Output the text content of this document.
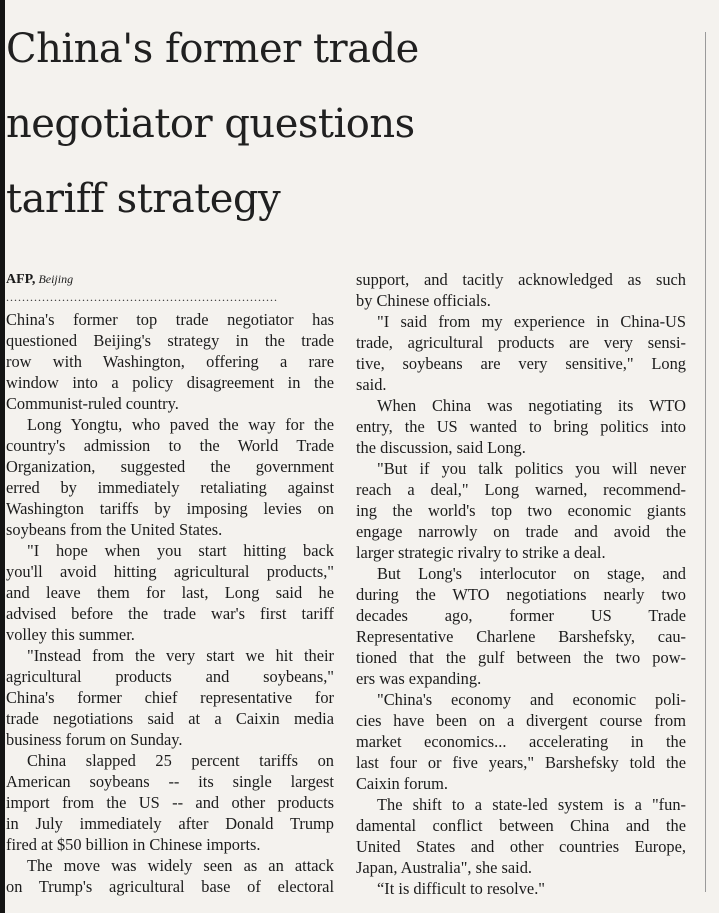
China's former trade
negotiator questions
tariff strategy

AFP, Beijing

....................................................................
China's former top trade negotiator has
questioned Beijing's strategy in the trade
row with Washington, offering a rare
window into a policy disagreement in the
Communist-ruled country.
Long Yongtu, who paved the way for the
country's admission to the World Trade
Organization, suggested the government
erred by immediately retaliating against
Washington tariffs by imposing levies on
soybeans from the United States.
"I hope when you start hitting back
you'll avoid hitting agricultural products,"
and leave them for last, Long said he
advised before the trade war's first tariff
volley this summer.
"Instead from the very start we hit their
agricultural products and soybeans,"
China's former chief representative for
trade negotiations said at a Caixin media
business forum on Sunday.
China slapped 25 percent tariffs on
American soybeans -- its single largest
import from the US -- and other products
in July immediately after Donald Trump
fired at $50 billion in Chinese imports.
The move was widely seen as an attack
on Trump's agricultural base of electoral
support, and tacitly acknowledged as such
by Chinese officials.
"I said from my experience in China-US
trade, agricultural products are very sensi-
tive, soybeans are very sensitive," Long
said.
When China was negotiating its WTO
entry, the US wanted to bring politics into
the discussion, said Long.
"But if you talk politics you will never
reach a deal," Long warned, recommend-
ing the world's top two economic giants
engage narrowly on trade and avoid the
larger strategic rivalry to strike a deal.
But Long's interlocutor on stage, and
during the WTO negotiations nearly two
decades ago, former US Trade
Representative Charlene Barshefsky, cau-
tioned that the gulf between the two pow-
ers was expanding.
"China's economy and economic poli-
cies have been on a divergent course from
market economics... accelerating in the
last four or five years," Barshefsky told the
Caixin forum.
The shift to a state-led system is a "fun-
damental conflict between China and the
United States and other countries Europe,
Japan, Australia", she said.
“It is difficult to resolve."
